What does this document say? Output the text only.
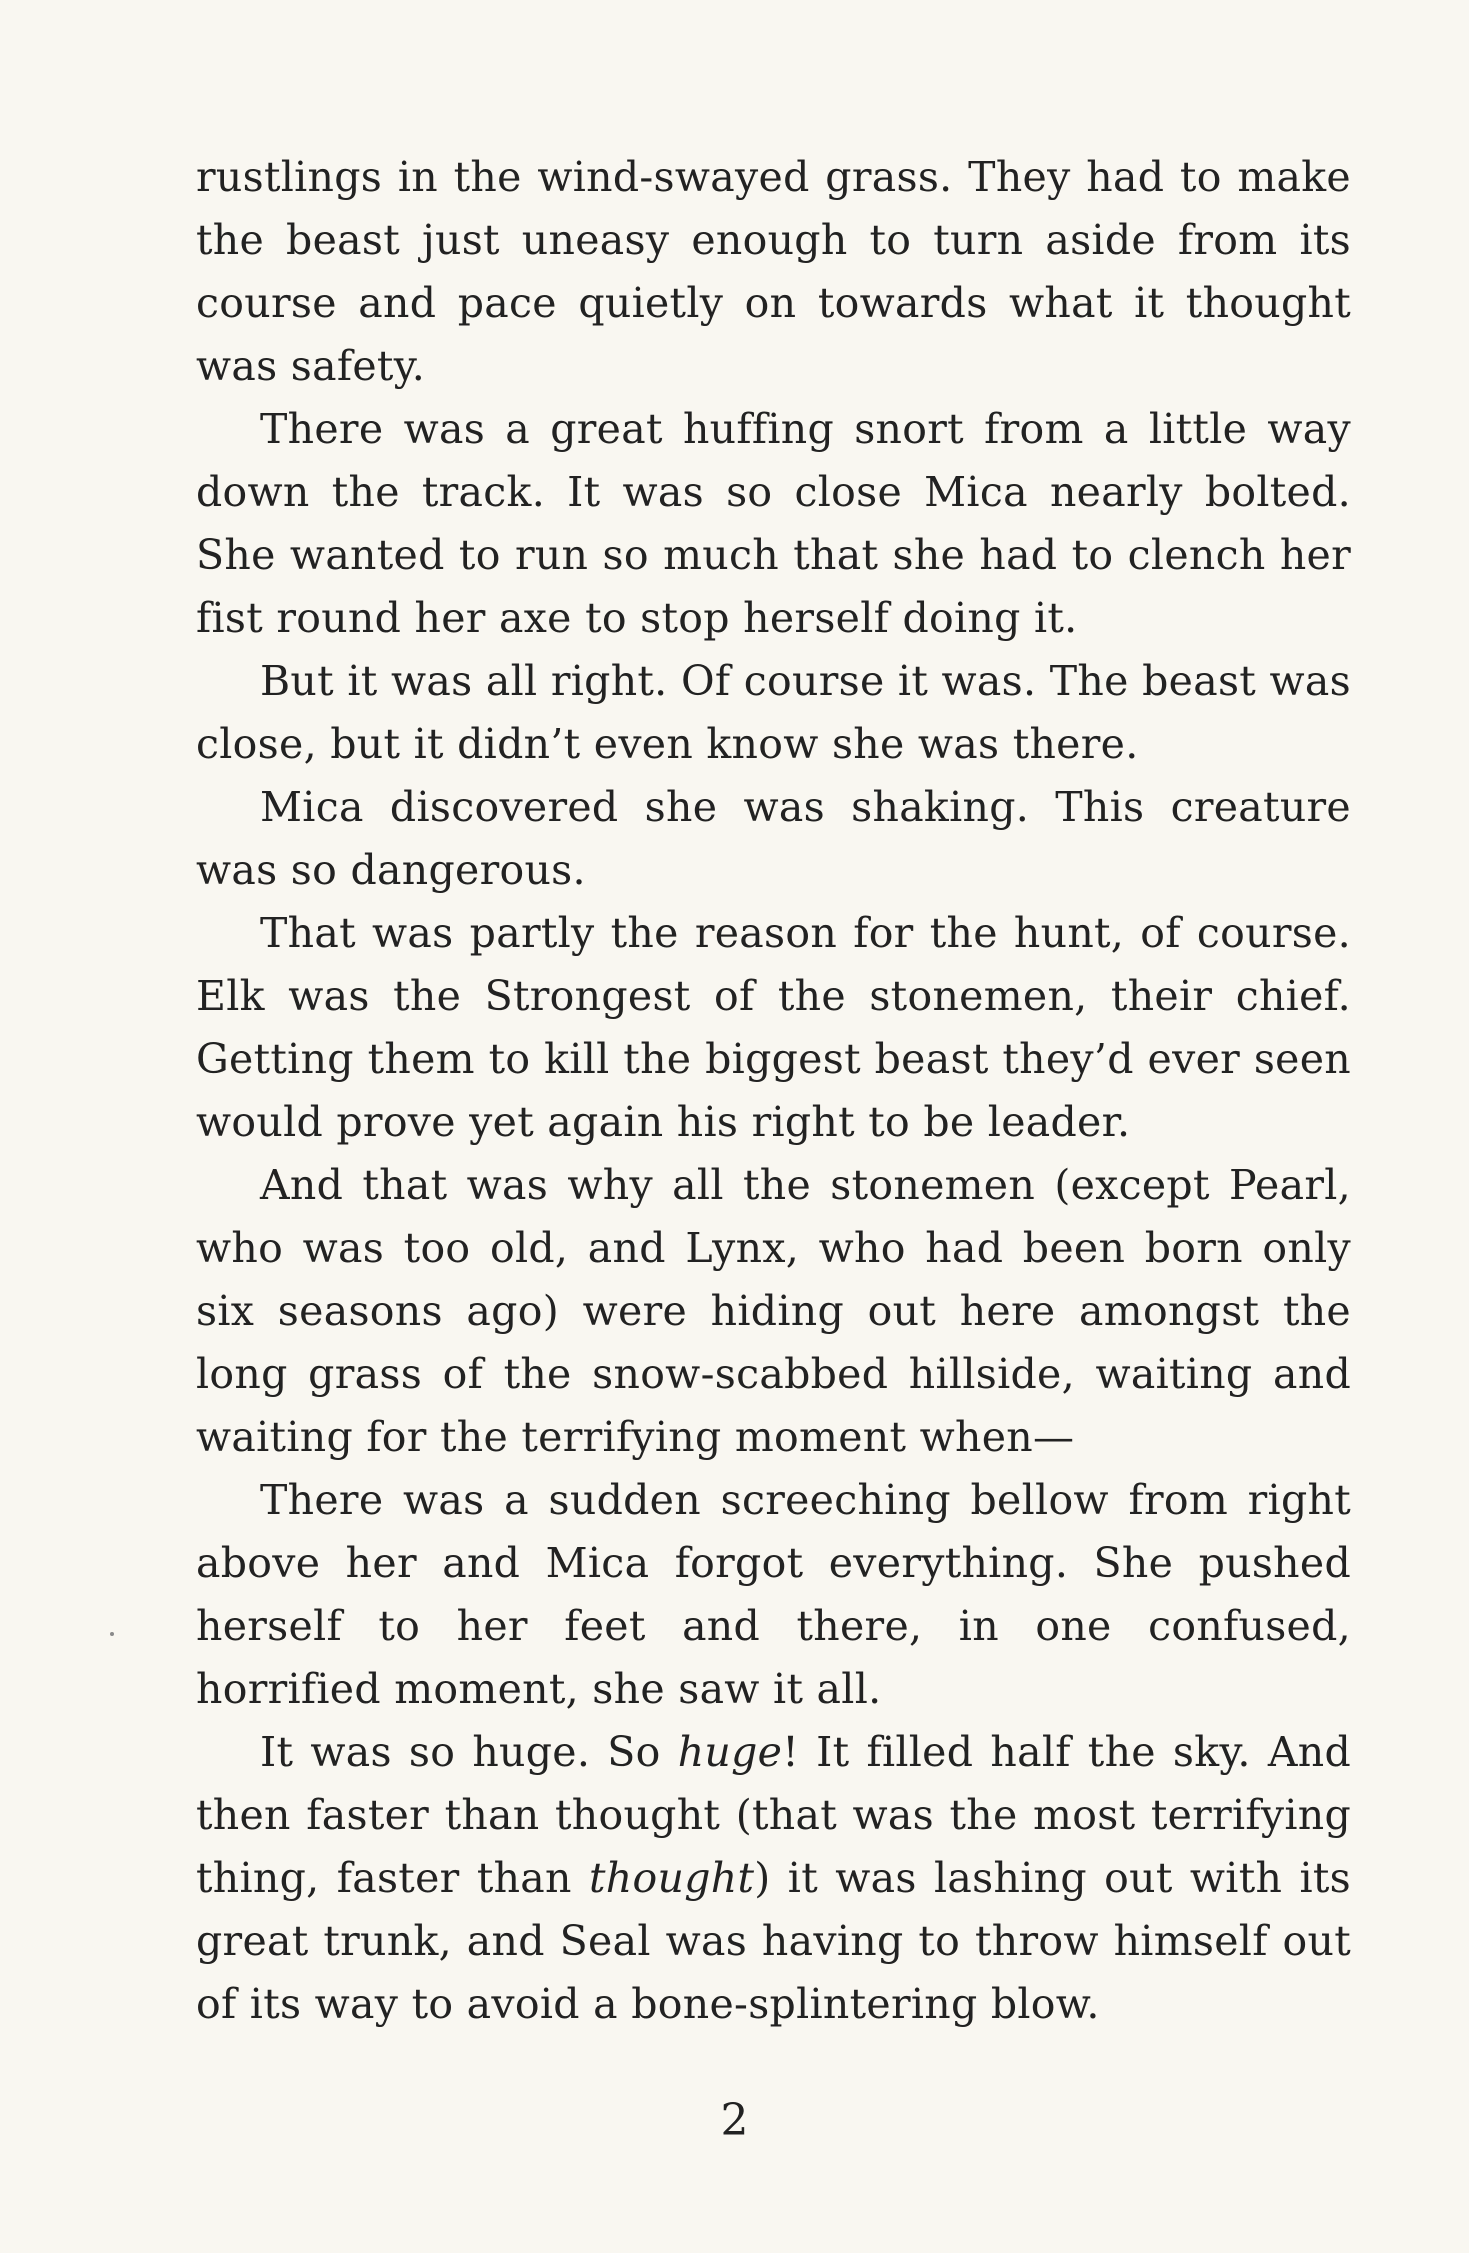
rustlings in the wind-swayed grass. They had to make the beast just uneasy enough to turn aside from its course and pace quietly on towards what it thought was safety.

There was a great huffing snort from a little way down the track. It was so close Mica nearly bolted. She wanted to run so much that she had to clench her fist round her axe to stop herself doing it.

But it was all right. Of course it was. The beast was close, but it didn’t even know she was there.

Mica discovered she was shaking. This creature was so dangerous.

That was partly the reason for the hunt, of course. Elk was the Strongest of the stonemen, their chief. Getting them to kill the biggest beast they’d ever seen would prove yet again his right to be leader.

And that was why all the stonemen (except Pearl, who was too old, and Lynx, who had been born only six seasons ago) were hiding out here amongst the long grass of the snow-scabbed hillside, waiting and waiting for the terrifying moment when—

There was a sudden screeching bellow from right above her and Mica forgot everything. She pushed herself to her feet and there, in one confused, horrified moment, she saw it all.

It was so huge. So huge! It filled half the sky. And then faster than thought (that was the most terrifying thing, faster than thought) it was lashing out with its great trunk, and Seal was having to throw himself out of its way to avoid a bone-splintering blow.

2
